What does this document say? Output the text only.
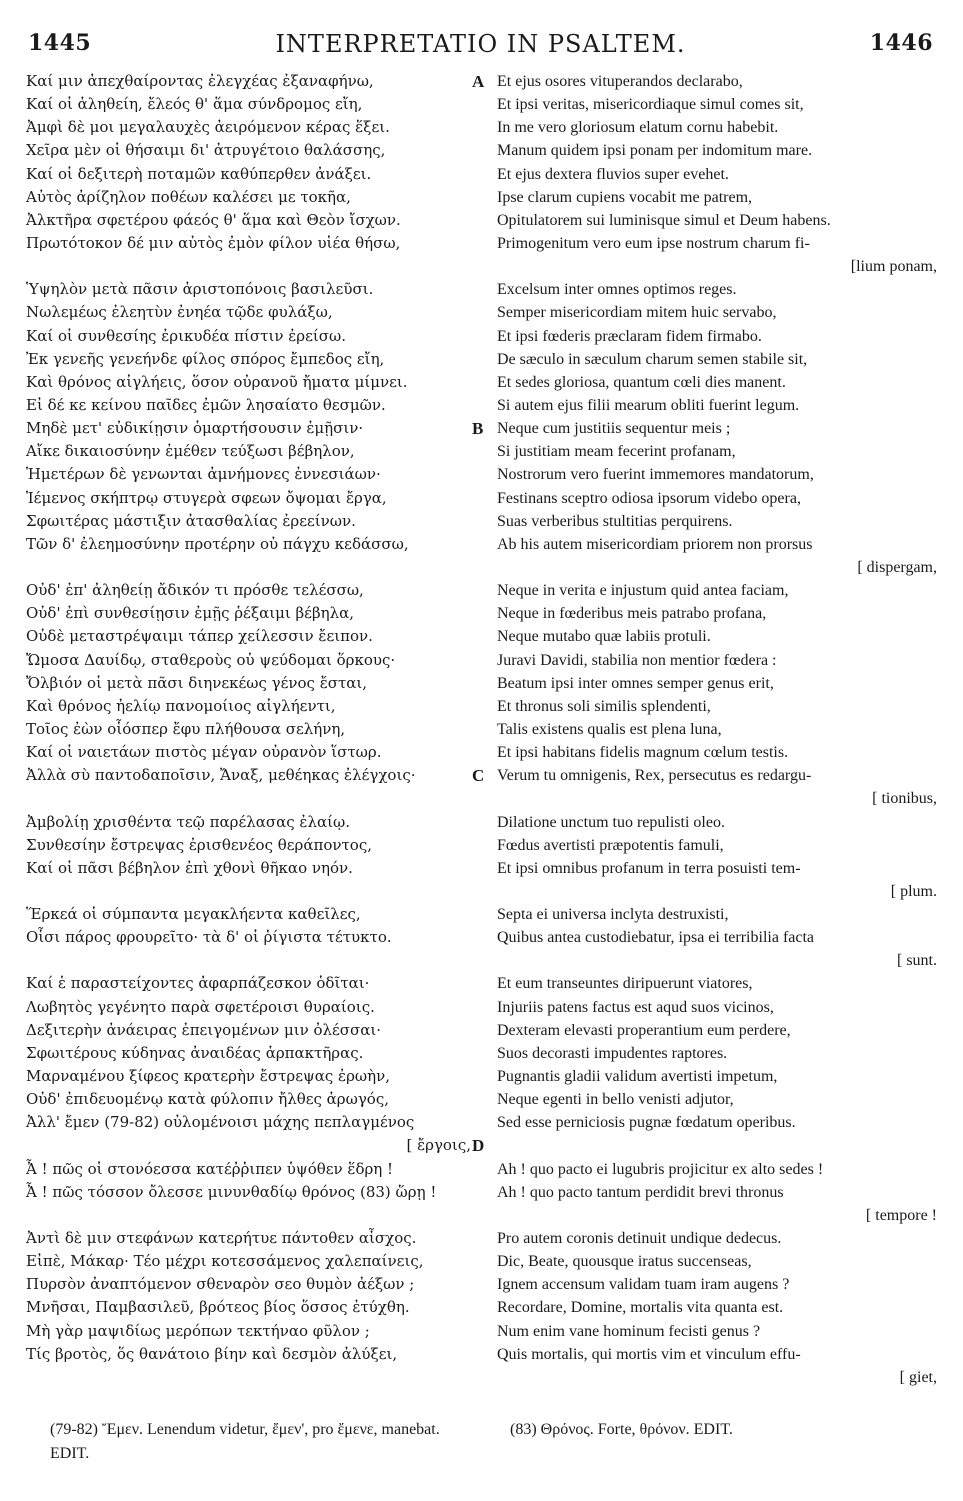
1445	INTERPRETATIO IN PSALTEM.	1446
Καί μιν ἀπεχθαίροντας ἐλεγχέας ἐξαναφήνω,
Καί οἱ ἀληθείη, ἔλεός θ' ἅμα σύνδρομος εἴη,
Ἀμφὶ δὲ μοι μεγαλαυχὲς ἀειρόμενον κέρας ἕξει.
Χεῖρα μὲν οἱ θήσαιμι δι' ἀτρυγέτοιο θαλάσσης,
Καί οἱ δεξιτερὴ ποταμῶν καθύπερθεν ἀνάξει.
Αὐτὸς ἀρίζηλον ποθέων καλέσει με τοκῆα,
Ἀλκτῆρα σφετέρου φάεός θ' ἅμα καὶ Θεὸν ἴσχων.
Πρωτότοκον δέ μιν αὐτὸς ἐμὸν φίλον υἱέα θήσω,
Ὑψηλὸν μετὰ πᾶσιν ἀριστοπόνοις βασιλεῦσι.
Νωλεμέως ἐλεητὺν ἐνηέα τῷδε φυλάξω,
Καί οἱ συνθεσίης ἐρικυδέα πίστιν ἐρείσω.
Ἐκ γενεῆς γενεήνδε φίλος σπόρος ἔμπεδος εἴη,
Καὶ θρόνος αἰγλήεις, ὅσον οὐρανοῦ ἤματα μίμνει.
Εἰ δέ κε κείνου παῖδες ἐμῶν λησαίατο θεσμῶν.
Μηδὲ μετ' εὐδικίῃσιν ὁμαρτήσουσιν ἐμῇσιν·
Αἴκε δικαιοσύνην ἐμέθεν τεύξωσι βέβηλον,
Ἡμετέρων δὲ γενωνται ἀμνήμονες ἐννεσιάων·
Ἱέμενος σκήπτρῳ στυγερὰ σφεων ὄψομαι ἔργα,
Σφωιτέρας μάστιξιν ἀτασθαλίας ἐρεείνων.
Τῶν δ' ἐλεημοσύνην προτέρην οὐ πάγχυ κεδάσσω,
Οὐδ' ἐπ' ἀληθείῃ ἄδικόν τι πρόσθε τελέσσω,
Οὐδ' ἐπὶ συνθεσίῃσιν ἐμῇς ῥέξαιμι βέβηλα,
Οὐδὲ μεταστρέψαιμι τάπερ χείλεσσιν ἔειπον.
Ὤμοσα Δαυίδῳ, σταθεροὺς οὐ ψεύδομαι ὅρκους·
Ὄλβιόν οἱ μετὰ πᾶσι διηνεκέως γένος ἔσται,
Καὶ θρόνος ἠελίῳ πανομοίιος αἰγλήεντι,
Τοῖος ἐὼν οἷόσπερ ἔφυ πλήθουσα σελήνη,
Καί οἱ ναιετάων πιστὸς μέγαν οὐρανὸν ἵστωρ.
Ἀλλὰ σὺ παντοδαποῖσιν, Ἄναξ, μεθέηκας ἐλέγχοις·
Ἀμβολίῃ χρισθέντα τεῷ παρέλασας ἐλαίῳ.
Συνθεσίην ἔστρεψας ἐρισθενέος θεράποντος,
Καί οἱ πᾶσι βέβηλον ἐπὶ χθονὶ θῆκαο νηόν.
Ἕρκεά οἱ σύμπαντα μεγακλήεντα καθεῖλες,
Οἷσι πάρος φρουρεῖτο· τὰ δ' οἱ ῥίγιστα τέτυκτο.
Καί ἑ παραστείχοντες ἀφαρπάζεσκον ὁδῖται·
Λωβητὸς γεγένητο παρὰ σφετέροισι θυραίοις.
Δεξιτερὴν ἀνάειρας ἐπειγομένων μιν ὀλέσσαι·
Σφωιτέρους κύδηνας ἀναιδέας ἁρπακτῆρας.
Μαρναμένου ξίφεος κρατερὴν ἔστρεψας ἐρωὴν,
Οὐδ' ἐπιδευομένῳ κατὰ φύλοπιν ἤλθες ἀρωγός,
Ἀλλ' ἔμεν (79-82) οὐλομένοισι μάχης πεπλαγμένος
[ ἔργοις,
Ἆ ! πῶς οἱ στονόεσσα κατέῤῥιπεν ὑψόθεν ἕδρη !
Ἆ ! πῶς τόσσον ὄλεσσε μινυνθαδίῳ θρόνος (83) ὥρῃ !
Ἀντὶ δὲ μιν στεφάνων κατερήτυε πάντοθεν αἶσχος.
Εἰπὲ, Μάκαρ· Τέο μέχρι κοτεσσάμενος χαλεπαίνεις,
Πυρσὸν ἀναπτόμενον σθεναρὸν σεο θυμὸν ἀέξων ;
Μνῆσαι, Παμβασιλεῦ, βρότεος βίος ὅσσος ἐτύχθη.
Μὴ γὰρ μαψιδίως μερόπων τεκτήναο φῦλον ;
Τίς βροτὸς, ὅς θανάτοιο βίην καὶ δεσμὸν ἀλύξει,
Et ejus osores vituperandos declarabo,
A
Et ipsi veritas, misericordiaque simul comes sit,
In me vero gloriosum elatum cornu habebit.
Manum quidem ipsi ponam per indomitum mare.
Et ejus dextera fluvios super evehet.
Ipse clarum cupiens vocabit me patrem,
Opitulatorem sui luminisque simul et Deum habens.
Primogenitum vero eum ipse nostrum charum fi-
[lium ponam,
Excelsum inter omnes optimos reges.
Semper misericordiam mitem huic servabo,
Et ipsi fœderis præclaram fidem firmabo.
De sæculo in sæculum charum semen stabile sit,
Et sedes gloriosa, quantum cœli dies manent.
Si autem ejus filii mearum obliti fuerint legum.
Neque cum justitiis sequentur meis ;
B
Si justitiam meam fecerint profanam,
Nostrorum vero fuerint immemores mandatorum,
Festinans sceptro odiosa ipsorum videbo opera,
Suas verberibus stultitias perquirens.
Ab his autem misericordiam priorem non prorsus
[ dispergam,
Neque in verita e injustum quid antea faciam,
Neque in fœderibus meis patrabo profana,
Neque mutabo quæ labiis protuli.
Juravi Davidi, stabilia non mentior fœdera :
Beatum ipsi inter omnes semper genus erit,
Et thronus soli similis splendenti,
Talis existens qualis est plena luna,
Et ipsi habitans fidelis magnum cœlum testis.
Verum tu omnigenis, Rex, persecutus es redargu-
C
[ tionibus,
Dilatione unctum tuo repulisti oleo.
Fœdus avertisti præpotentis famuli,
Et ipsi omnibus profanum in terra posuisti tem-
[ plum.
Septa ei universa inclyta destruxisti,
Quibus antea custodiebatur, ipsa ei terribilia facta
[ sunt.
Et eum transeuntes diripuerunt viatores,
Injuriis patens factus est aqud suos vicinos,
Dexteram elevasti properantium eum perdere,
Suos decorasti impudentes raptores.
Pugnantis gladii validum avertisti impetum,
Neque egenti in bello venisti adjutor,
Sed esse perniciosis pugnæ fœdatum operibus.
D
Ah ! quo pacto ei lugubris projicitur ex alto sedes !
Ah ! quo pacto tantum perdidit brevi thronus
[ tempore !
Pro autem coronis detinuit undique dedecus.
Dic, Beate, quousque iratus succenseas,
Ignem accensum validam tuam iram augens ?
Recordare, Domine, mortalis vita quanta est.
Num enim vane hominum fecisti genus ?
Quis mortalis, qui mortis vim et vinculum effu-
[ giet,
(79-82) Ἔμεν. Lenendum videtur, ἔμεν', pro ἔμενε, manebat. EDIT.
(83) Θρόνος. Forte, θρόνον. EDIT.
